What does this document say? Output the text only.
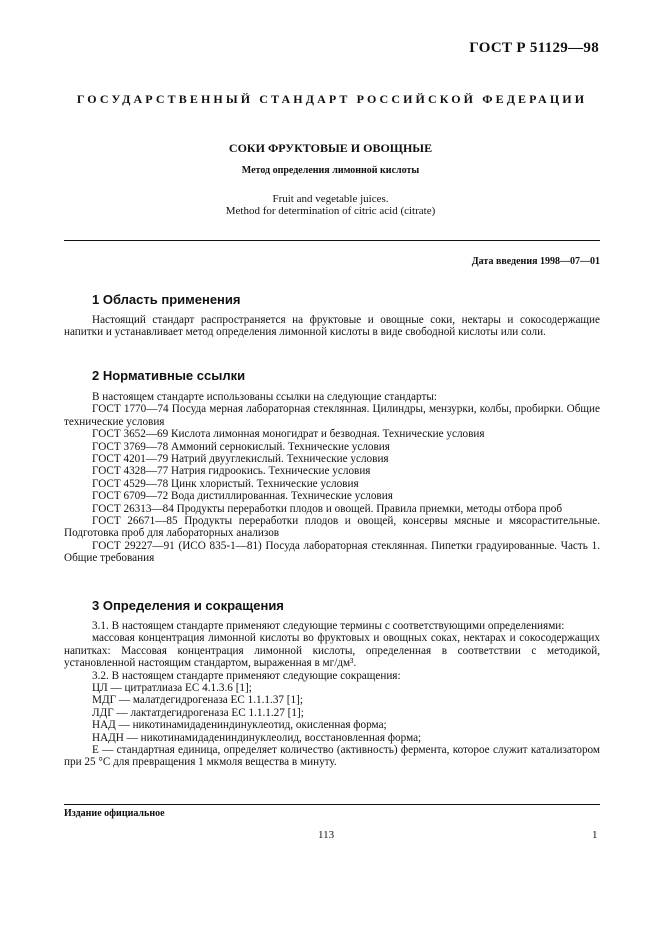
ГОСТ Р 51129—98
ГОСУДАРСТВЕННЫЙ СТАНДАРТ РОССИЙСКОЙ ФЕДЕРАЦИИ
СОКИ ФРУКТОВЫЕ И ОВОЩНЫЕ
Метод определения лимонной кислоты
Fruit and vegetable juices.
Method for determination of citric acid (citrate)
Дата введения 1998—07—01
1 Область применения

Настоящий стандарт распространяется на фруктовые и овощные соки, нектары и сокосодержащие напитки и устанавливает метод определения лимонной кислоты в виде свободной кислоты или соли.

2 Нормативные ссылки

В настоящем стандарте использованы ссылки на следующие стандарты:

ГОСТ 1770—74 Посуда мерная лабораторная стеклянная. Цилиндры, мензурки, колбы, пробирки. Общие технические условия

ГОСТ 3652—69 Кислота лимонная моногидрат и безводная. Технические условия

ГОСТ 3769—78 Аммоний сернокислый. Технические условия

ГОСТ 4201—79 Натрий двууглекислый. Технические условия

ГОСТ 4328—77 Натрия гидроокись. Технические условия

ГОСТ 4529—78 Цинк хлористый. Технические условия

ГОСТ 6709—72 Вода дистиллированная. Технические условия

ГОСТ 26313—84 Продукты переработки плодов и овощей. Правила приемки, методы отбора проб

ГОСТ 26671—85 Продукты переработки плодов и овощей, консервы мясные и мясорастительные. Подготовка проб для лабораторных анализов

ГОСТ 29227—91 (ИСО 835-1—81) Посуда лабораторная стеклянная. Пипетки градуированные. Часть 1. Общие требования

3 Определения и сокращения

3.1. В настоящем стандарте применяют следующие термины с соответствующими определениями:

массовая концентрация лимонной кислоты во фруктовых и овощных соках, нектарах и сокосодержащих напитках: Массовая концентрация лимонной кислоты, определенная в соответствии с методикой, установленной настоящим стандартом, выраженная в мг/дм³.

3.2. В настоящем стандарте применяют следующие сокращения:

ЦЛ — цитратлиаза ЕС 4.1.3.6 [1];

МДГ — малатдегидрогеназа ЕС 1.1.1.37 [1];

ЛДГ — лактатдегидрогеназа ЕС 1.1.1.27 [1];

НАД — никотинамидадениндинуклеотид, окисленная форма;

НАДН — никотинамидадениндинуклеолид, восстановленная форма;

Е — стандартная единица, определяет количество (активность) фермента, которое служит катализатором при 25 °С для превращения 1 мкмоля вещества в минуту.

Издание официальное
113	1
